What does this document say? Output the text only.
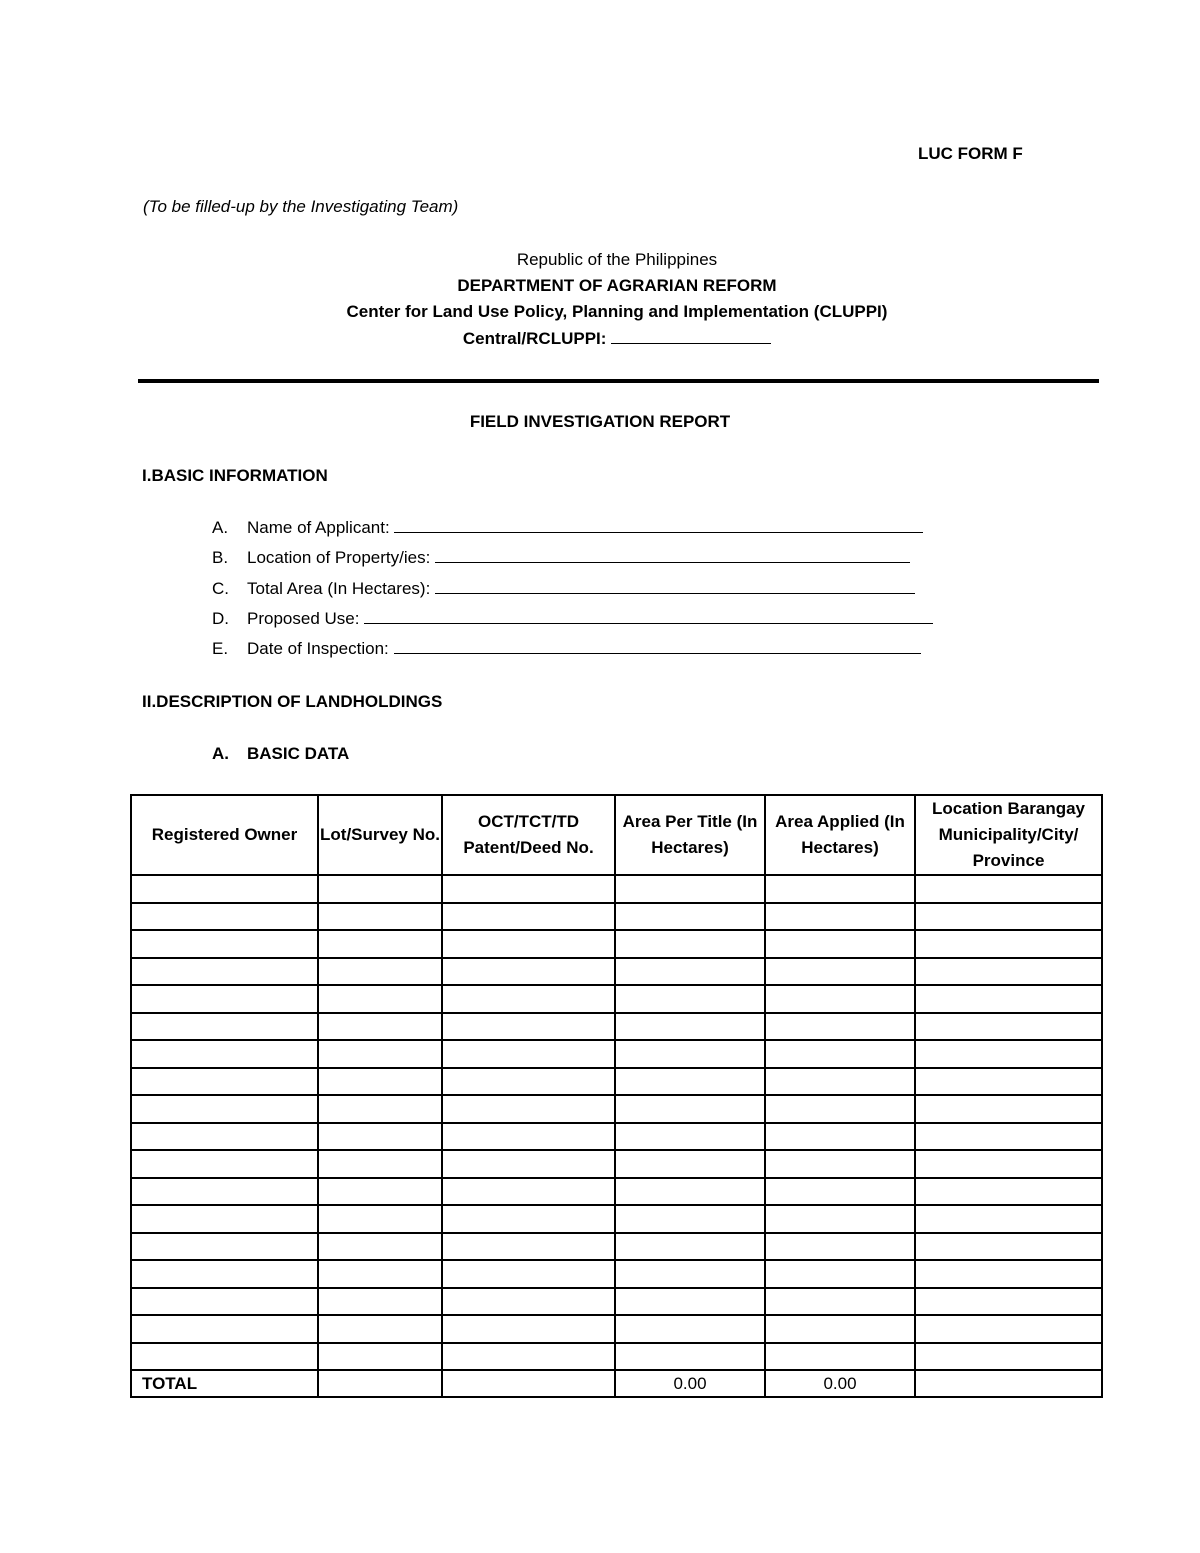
LUC FORM F
(To be filled-up by the Investigating Team)
Republic of the Philippines
DEPARTMENT OF AGRARIAN REFORM
Center for Land Use Policy, Planning and Implementation (CLUPPI)
Central/RCLUPPI:
FIELD INVESTIGATION REPORT
I.BASIC INFORMATION
A. Name of Applicant:
B. Location of Property/ies:
C. Total Area (In Hectares):
D. Proposed Use:
E. Date of Inspection:
II.DESCRIPTION OF LANDHOLDINGS
A. BASIC DATA
Registered Owner	Lot/Survey No.	OCT/TCT/TD Patent/Deed No.	Area Per Title (In Hectares)	Area Applied (In Hectares)	Location Barangay Municipality/City/ Province

TOTAL			0.00	0.00	
